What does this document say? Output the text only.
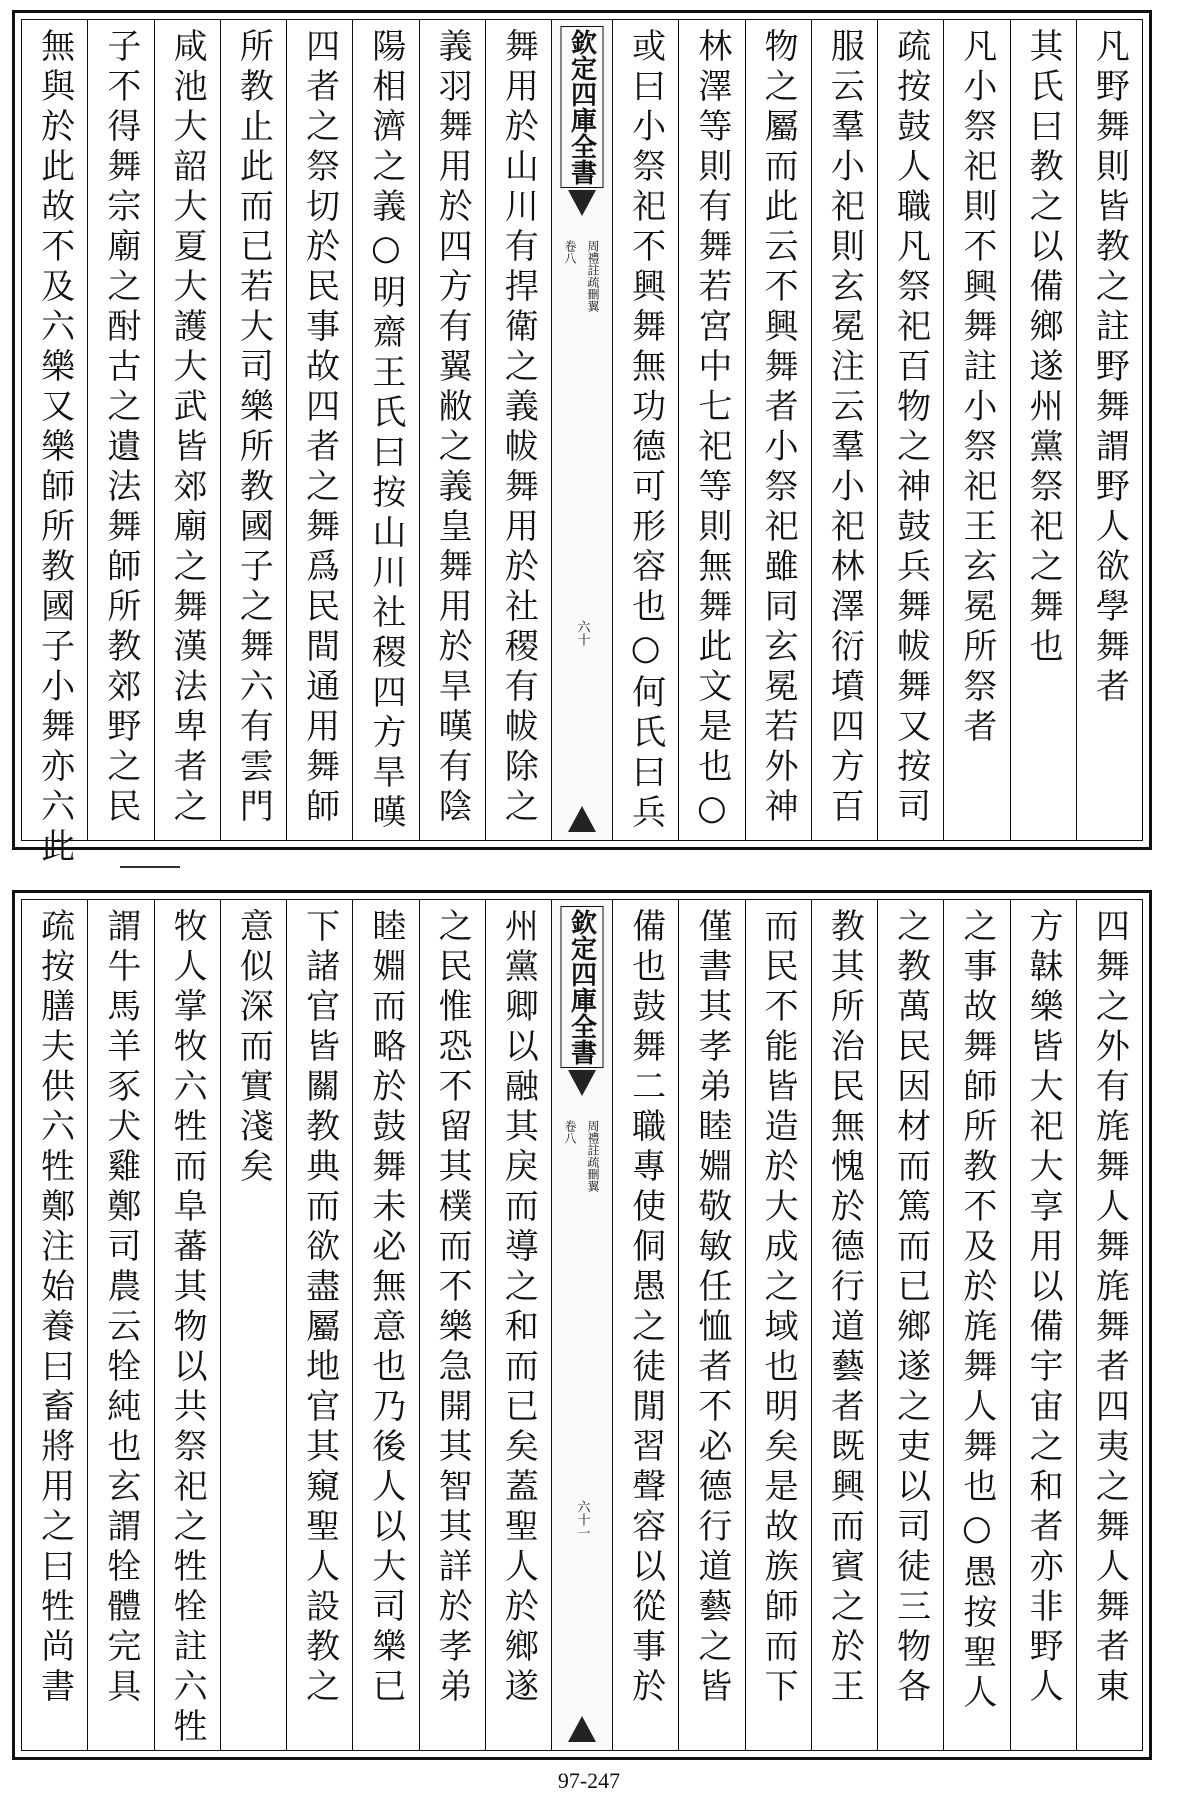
凡野舞則皆教之註野舞謂野人欲學舞者
其氏曰教之以備鄉遂州黨祭祀之舞也
凡小祭祀則不興舞註小祭祀王玄冕所祭者
疏按鼓人職凡祭祀百物之神鼓兵舞帗舞又按司
服云羣小祀則玄冕注云羣小祀林澤衍墳四方百
物之屬而此云不興舞者小祭祀雖同玄冕若外神
林澤等則有舞若宮中七祀等則無舞此文是也○
或曰小祭祀不興舞無功德可形容也○何氏曰兵
欽定四庫全書
周禮註疏刪翼
卷八
六十
舞用於山川有捍衛之義帗舞用於社稷有帗除之
義羽舞用於四方有翼敝之義皇舞用於旱暵有陰
陽相濟之義○明齋王氏曰按山川社稷四方旱暵
四者之祭切於民事故四者之舞爲民間通用舞師
所教止此而已若大司樂所教國子之舞六有雲門
咸池大韶大夏大護大武皆郊廟之舞漢法卑者之
子不得舞宗廟之酎古之遺法舞師所教郊野之民
無與於此故不及六樂又樂師所教國子小舞亦六此
四舞之外有旄舞人舞旄舞者四夷之舞人舞者東
方韎樂皆大祀大享用以備宇宙之和者亦非野人
之事故舞師所教不及於旄舞人舞也○愚按聖人
之教萬民因材而篤而已鄉遂之吏以司徒三物各
教其所治民無愧於德行道藝者既興而賓之於王
而民不能皆造於大成之域也明矣是故族師而下
僅書其孝弟睦婣敬敏任恤者不必德行道藝之皆
備也鼓舞二職專使侗愚之徒閒習聲容以從事於
欽定四庫全書
周禮註疏刪翼
卷八
六十一
州黨卿以融其戾而導之和而已矣蓋聖人於鄉遂
之民惟恐不留其樸而不樂急開其智其詳於孝弟
睦婣而略於鼓舞未必無意也乃後人以大司樂已
下諸官皆關教典而欲盡屬地官其窺聖人設教之
意似深而實淺矣
牧人掌牧六牲而阜蕃其物以共祭祀之牲牷註六牲
謂牛馬羊豕犬雞鄭司農云牷純也玄謂牷體完具
疏按膳夫供六牲鄭注始養曰畜將用之曰牲尚書
97-247
